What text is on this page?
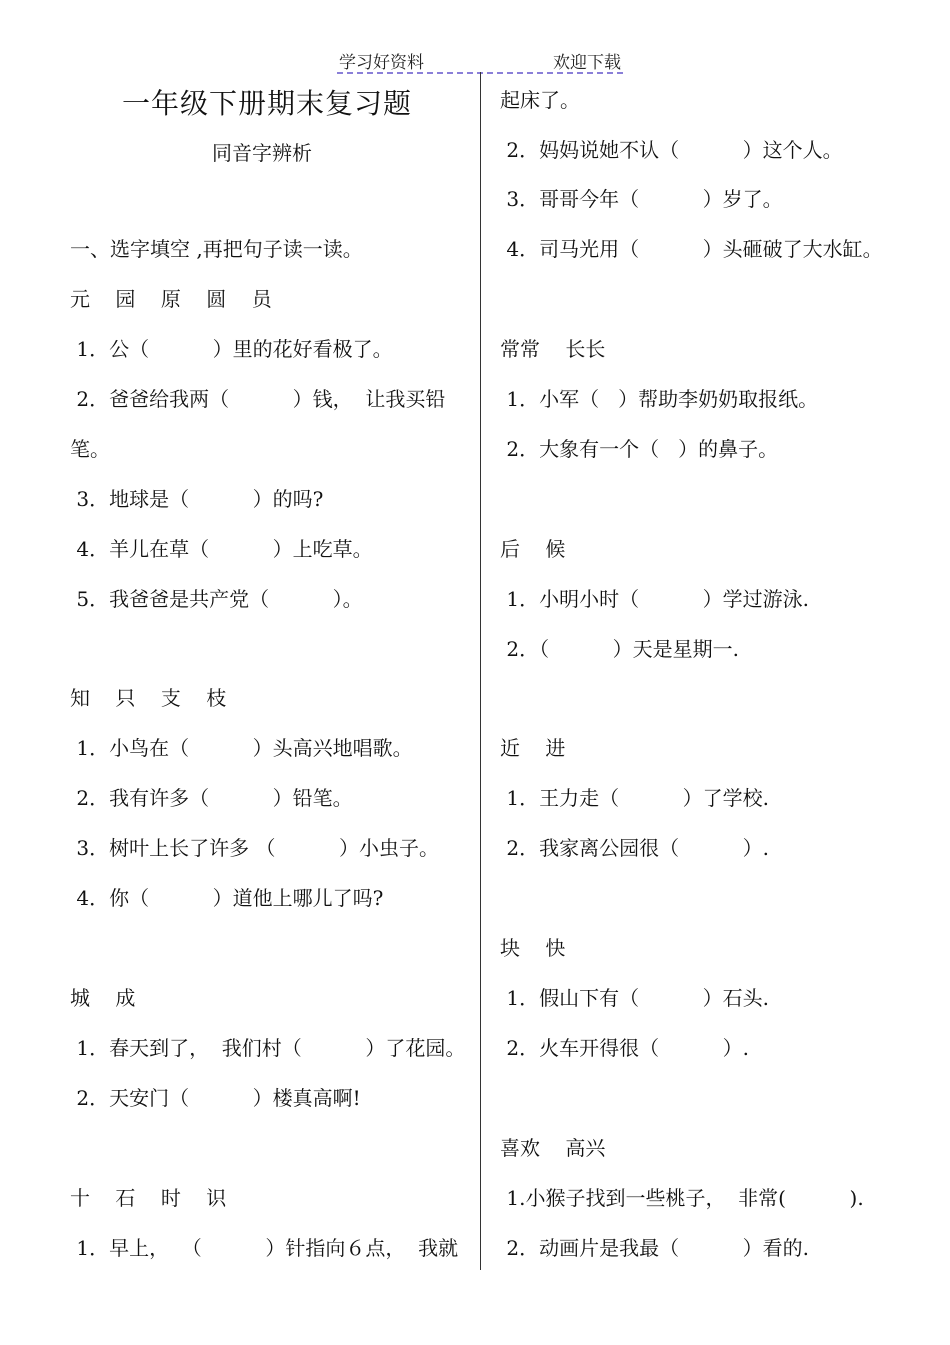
学习好资料	欢迎下载
一年级下册期末复习题
同音字辨析
一、选字填空 ,再把句子读一读。
元    园    原    圆    员
1．公（          ）里的花好看极了。
2．爸爸给我两（          ）钱，  让我买铅
笔。
3．地球是（          ）的吗?
4．羊儿在草（          ）上吃草。
5．我爸爸是共产党（          ）。
知    只    支    枝
1．小鸟在（          ）头高兴地唱歌。
2．我有许多（          ）铅笔。
3．树叶上长了许多 （          ）小虫子。
4．你（          ）道他上哪儿了吗?
城    成
1．春天到了，  我们村（          ）了花园。
2．天安门（          ）楼真高啊!
十    石    时    识
1．早上，  （          ）针指向６点，  我就
起床了。
2．妈妈说她不认（          ）这个人。
3．哥哥今年（          ）岁了。
4．司马光用（          ）头砸破了大水缸。
常常    长长
1．小军（   ）帮助李奶奶取报纸。
2．大象有一个（   ）的鼻子。
后    候
1．小明小时（          ）学过游泳.
2．（          ）天是星期一.
近    进
1．王力走（          ）了学校.
2．我家离公园很（          ）.
块    快
1．假山下有（          ）石头.
2．火车开得很（          ）.
喜欢    高兴
1.小猴子找到一些桃子，  非常(          ).
2．动画片是我最（          ）看的.
